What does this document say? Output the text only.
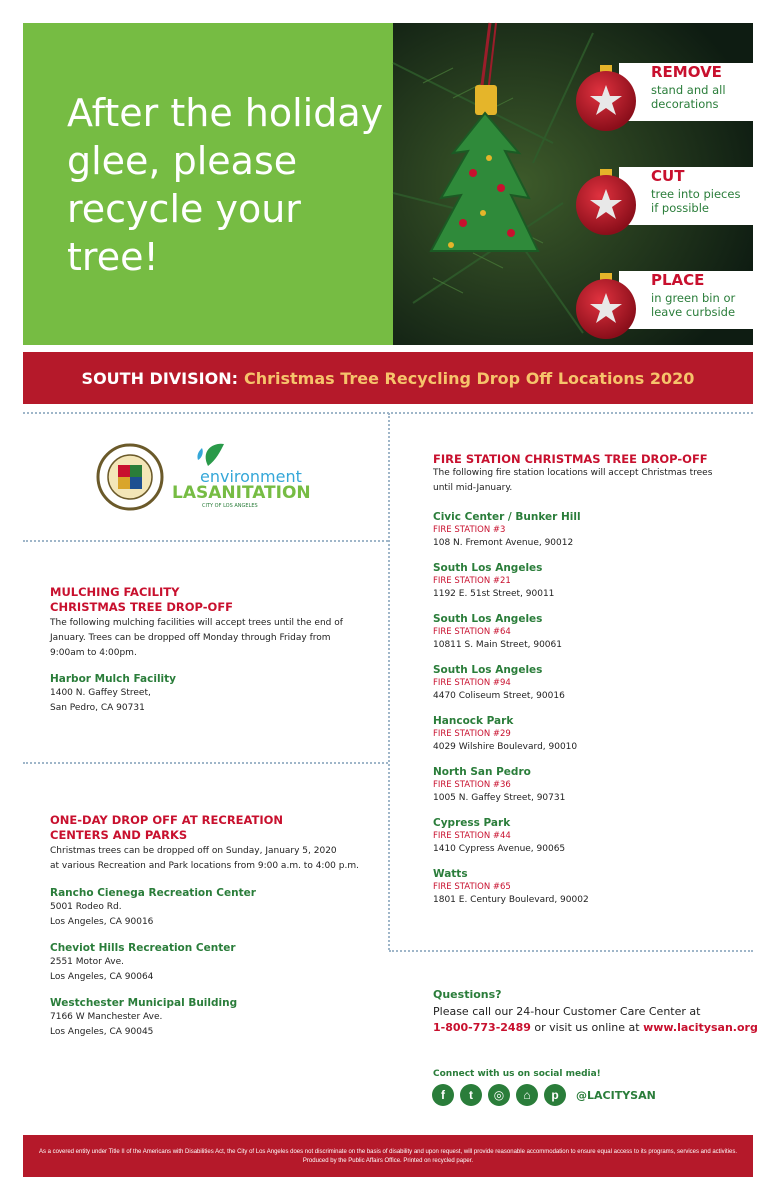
After the holiday glee, please recycle your tree!
REMOVE
stand and all decorations
CUT
tree into pieces if possible
PLACE
in green bin or leave curbside
SOUTH DIVISION: Christmas Tree Recycling Drop Off Locations 2020
environment
LASANITATION
CITY OF LOS ANGELES
MULCHING FACILITY
CHRISTMAS TREE DROP-OFF
The following mulching facilities will accept trees until the end of
January. Trees can be dropped off Monday through Friday from
9:00am to 4:00pm.
Harbor Mulch Facility
1400 N. Gaffey Street,
San Pedro, CA 90731
ONE-DAY DROP OFF AT RECREATION
CENTERS AND PARKS
Christmas trees can be dropped off on Sunday, January 5, 2020
at various Recreation and Park locations from 9:00 a.m. to 4:00 p.m.
Rancho Cienega Recreation Center
5001 Rodeo Rd.
Los Angeles, CA 90016
Cheviot Hills Recreation Center
2551 Motor Ave.
Los Angeles, CA 90064
Westchester Municipal Building
7166 W Manchester Ave.
Los Angeles, CA 90045
FIRE STATION CHRISTMAS TREE DROP-OFF
The following fire station locations will accept Christmas trees
until mid-January.
Civic Center / Bunker Hill
FIRE STATION #3
108 N. Fremont Avenue, 90012
South Los Angeles
FIRE STATION #21
1192 E. 51st Street, 90011
South Los Angeles
FIRE STATION #64
10811 S. Main Street, 90061
South Los Angeles
FIRE STATION #94
4470 Coliseum Street, 90016
Hancock Park
FIRE STATION #29
4029 Wilshire Boulevard, 90010
North San Pedro
FIRE STATION #36
1005 N. Gaffey Street, 90731
Cypress Park
FIRE STATION #44
1410 Cypress Avenue, 90065
Watts
FIRE STATION #65
1801 E. Century Boulevard, 90002
Questions?
Please call our 24-hour Customer Care Center at
1-800-773-2489 or visit us online at www.lacitysan.org
Connect with us on social media!
f	t	◎	⌂	p	@LACITYSAN
As a covered entity under Title II of the Americans with Disabilities Act, the City of Los Angeles does not discriminate on the basis of disability and upon request, will provide reasonable accommodation to ensure equal access to its programs, services and activities.
Produced by the Public Affairs Office. Printed on recycled paper.
